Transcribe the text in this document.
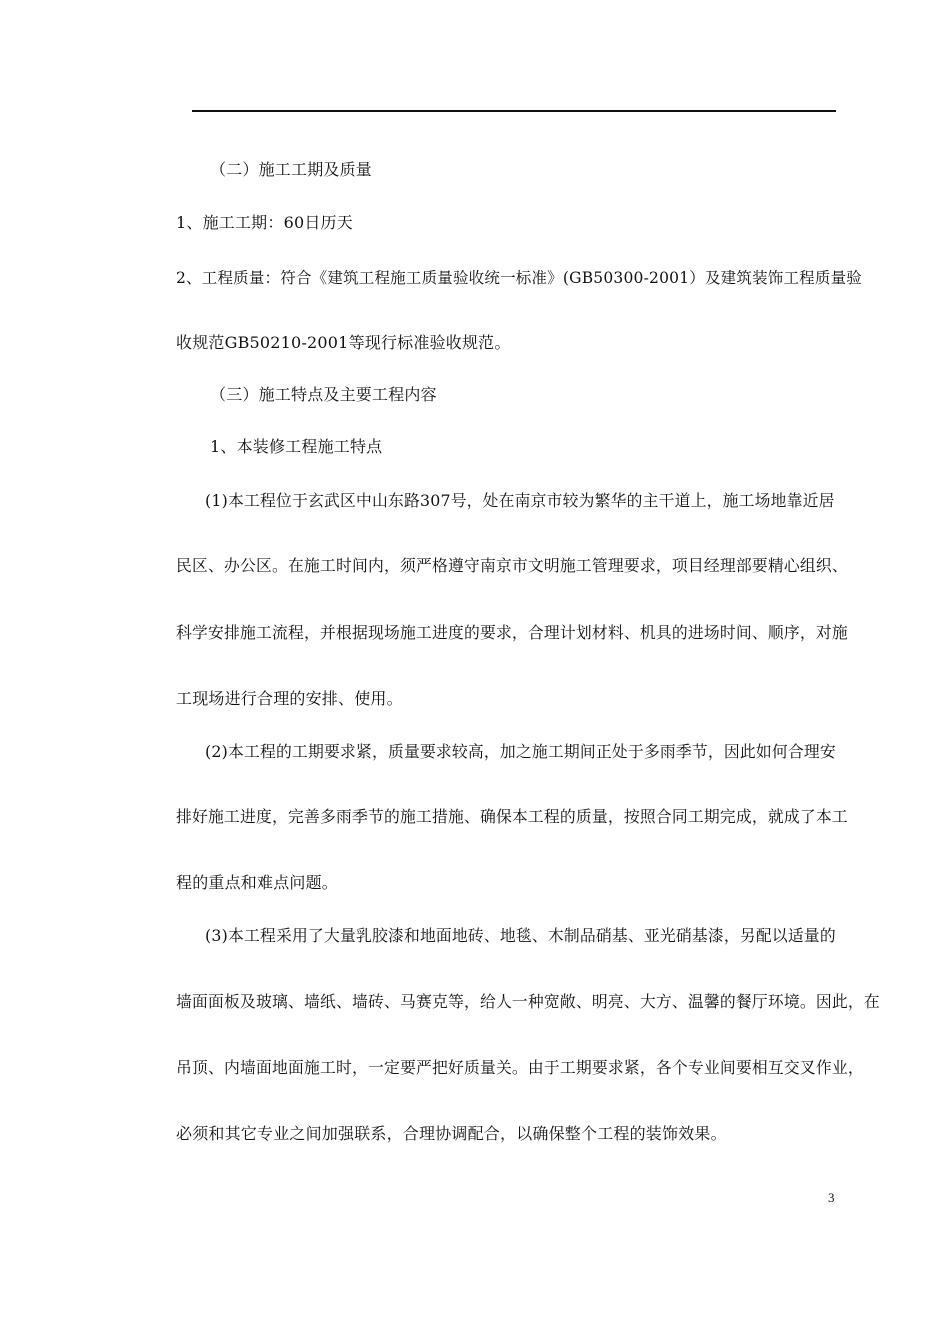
（二）施工工期及质量
1、施工工期：60日历天
2、工程质量：符合《建筑工程施工质量验收统一标准》(GB50300-2001）及建筑装饰工程质量验
收规范GB50210-2001等现行标准验收规范。
（三）施工特点及主要工程内容
1、本装修工程施工特点
(1)本工程位于玄武区中山东路307号，处在南京市较为繁华的主干道上，施工场地靠近居
民区、办公区。在施工时间内，须严格遵守南京市文明施工管理要求，项目经理部要精心组织、
科学安排施工流程，并根据现场施工进度的要求，合理计划材料、机具的进场时间、顺序，对施
工现场进行合理的安排、使用。
(2)本工程的工期要求紧，质量要求较高，加之施工期间正处于多雨季节，因此如何合理安
排好施工进度，完善多雨季节的施工措施、确保本工程的质量，按照合同工期完成，就成了本工
程的重点和难点问题。
(3)本工程采用了大量乳胶漆和地面地砖、地毯、木制品硝基、亚光硝基漆，另配以适量的
墙面面板及玻璃、墙纸、墙砖、马赛克等，给人一种宽敞、明亮、大方、温馨的餐厅环境。因此，在
吊顶、内墙面地面施工时，一定要严把好质量关。由于工期要求紧，各个专业间要相互交叉作业，
必须和其它专业之间加强联系，合理协调配合，以确保整个工程的装饰效果。
3
